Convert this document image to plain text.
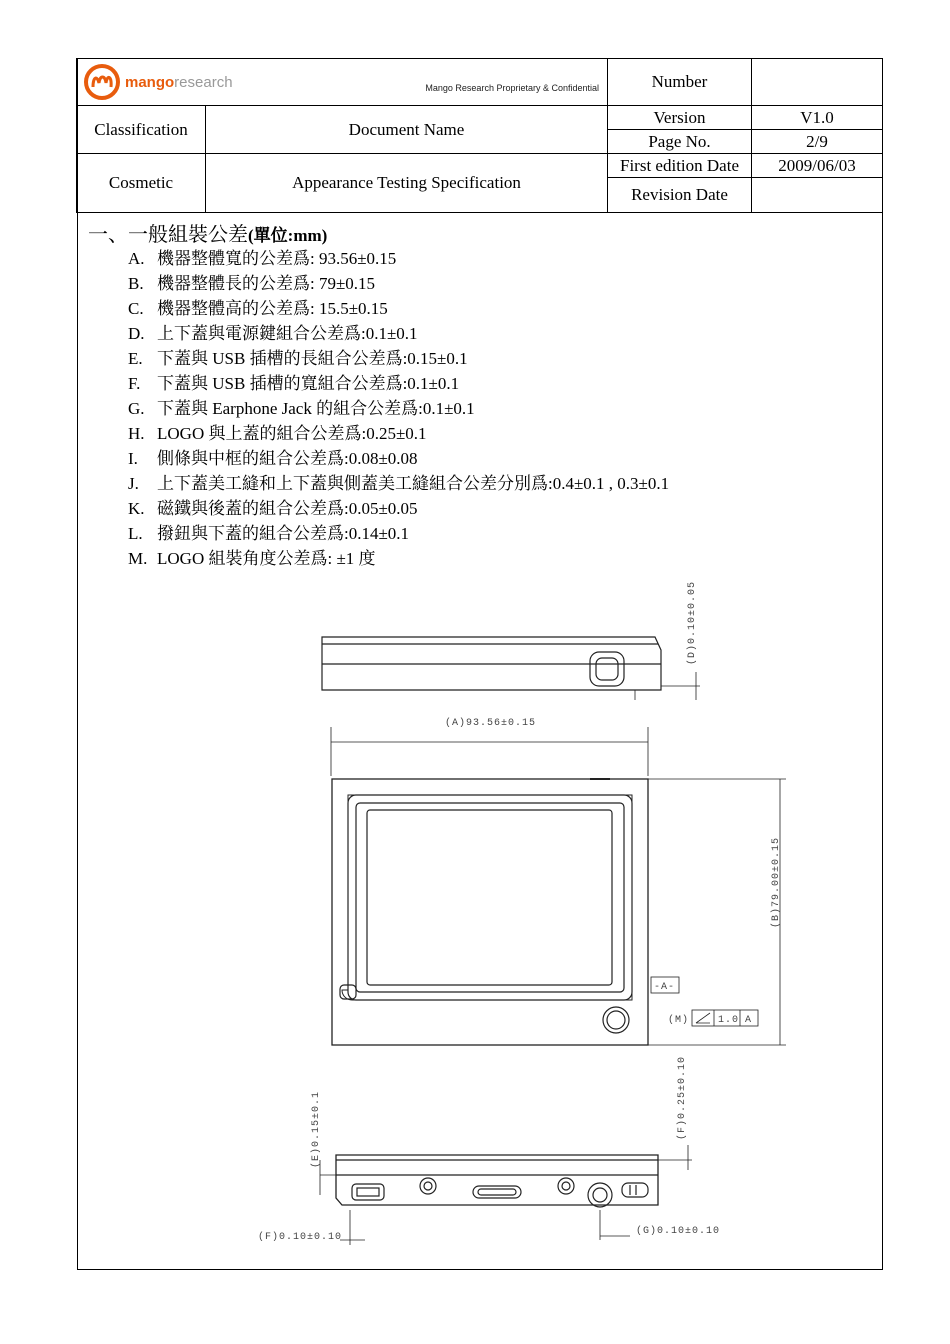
mangoresearch Mango Research Proprietary & Confidential		Number	
Classification	Document Name	Version	V1.0
		Page No.	2/9
Cosmetic	Appearance Testing Specification	First edition Date	2009/06/03
		Revision Date	
一、一般組裝公差(單位:mm)
A. 機器整體寬的公差爲: 93.56±0.15
B. 機器整體長的公差爲: 79±0.15
C. 機器整體高的公差爲: 15.5±0.15
D. 上下蓋與電源鍵組合公差爲:0.1±0.1
E. 下蓋與 USB 插槽的長組合公差爲:0.15±0.1
F. 下蓋與 USB 插槽的寬組合公差爲:0.1±0.1
G. 下蓋與 Earphone Jack 的組合公差爲:0.1±0.1
H. LOGO 與上蓋的組合公差爲:0.25±0.1
I.	側條與中框的組合公差爲:0.08±0.08
J.	上下蓋美工縫和上下蓋與側蓋美工縫組合公差分別爲:0.4±0.1 , 0.3±0.1
K. 磁鐵與後蓋的組合公差爲:0.05±0.05
L. 撥鈕與下蓋的組合公差爲:0.14±0.1
M. LOGO 組裝角度公差爲: ±1 度
(D)0.10±0.05
(A)93.56±0.15
(B)79.00±0.15
-A-
(M)	1.0 A
(E)0.15±0.1	(F)0.25±0.10
(F)0.10±0.10
(G)0.10±0.10
